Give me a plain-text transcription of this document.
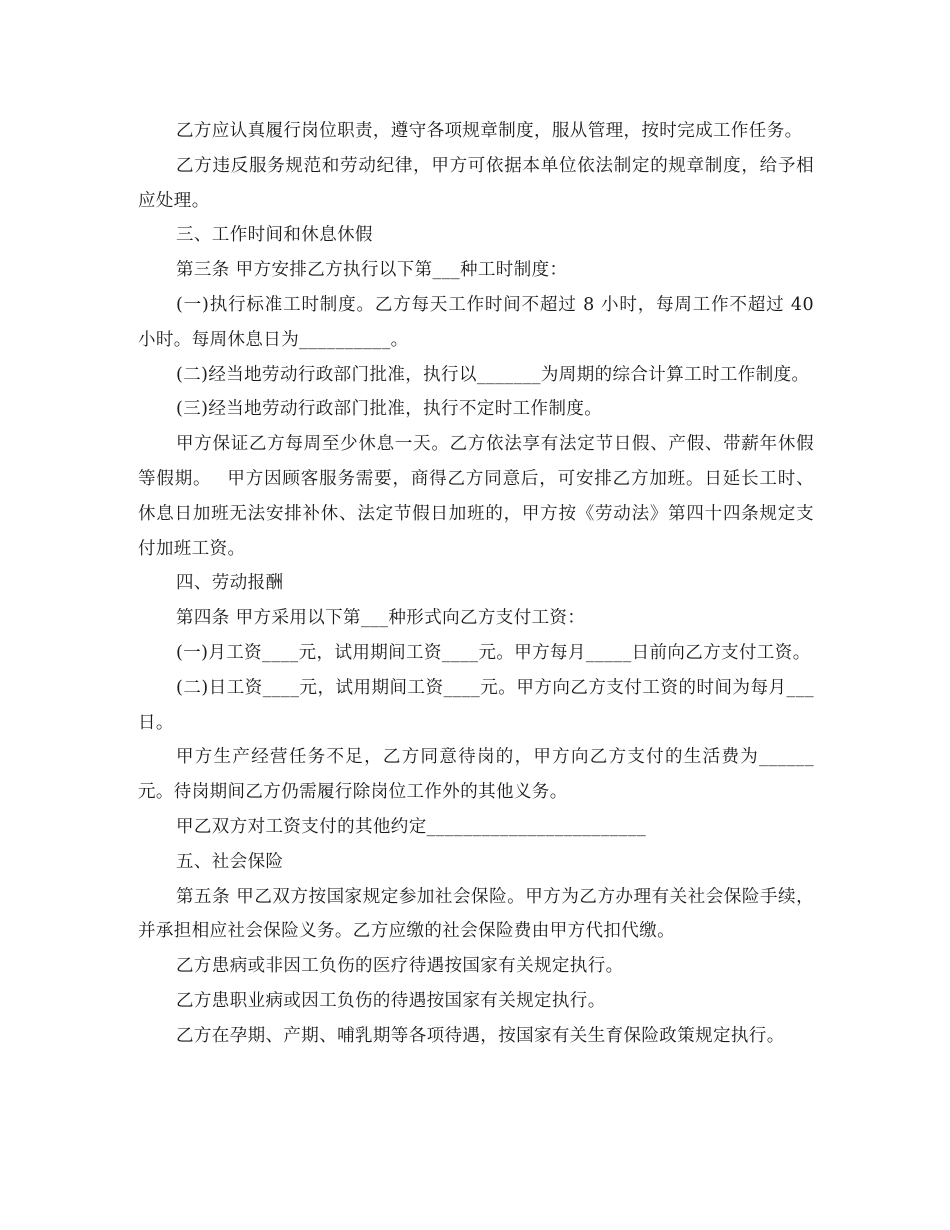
乙方应认真履行岗位职责，遵守各项规章制度，服从管理，按时完成工作任务。

乙方违反服务规范和劳动纪律，甲方可依据本单位依法制定的规章制度，给予相应处理。

三、工作时间和休息休假

第三条 甲方安排乙方执行以下第___种工时制度：

(一)执行标准工时制度。乙方每天工作时间不超过 8 小时，每周工作不超过 40 小时。每周休息日为__________。

(二)经当地劳动行政部门批准，执行以_______为周期的综合计算工时工作制度。

(三)经当地劳动行政部门批准，执行不定时工作制度。

甲方保证乙方每周至少休息一天。乙方依法享有法定节日假、产假、带薪年休假等假期。　 甲方因顾客服务需要，商得乙方同意后，可安排乙方加班。日延长工时、休息日加班无法安排补休、法定节假日加班的，甲方按《劳动法》第四十四条规定支付加班工资。

四、劳动报酬

第四条 甲方采用以下第___种形式向乙方支付工资：

(一)月工资____元，试用期间工资____元。甲方每月_____日前向乙方支付工资。

(二)日工资____元，试用期间工资____元。甲方向乙方支付工资的时间为每月___日。

甲方生产经营任务不足，乙方同意待岗的，甲方向乙方支付的生活费为______元。待岗期间乙方仍需履行除岗位工作外的其他义务。

甲乙双方对工资支付的其他约定________________________

五、社会保险

第五条 甲乙双方按国家规定参加社会保险。甲方为乙方办理有关社会保险手续，并承担相应社会保险义务。乙方应缴的社会保险费由甲方代扣代缴。

乙方患病或非因工负伤的医疗待遇按国家有关规定执行。

乙方患职业病或因工负伤的待遇按国家有关规定执行。

乙方在孕期、产期、哺乳期等各项待遇，按国家有关生育保险政策规定执行。
